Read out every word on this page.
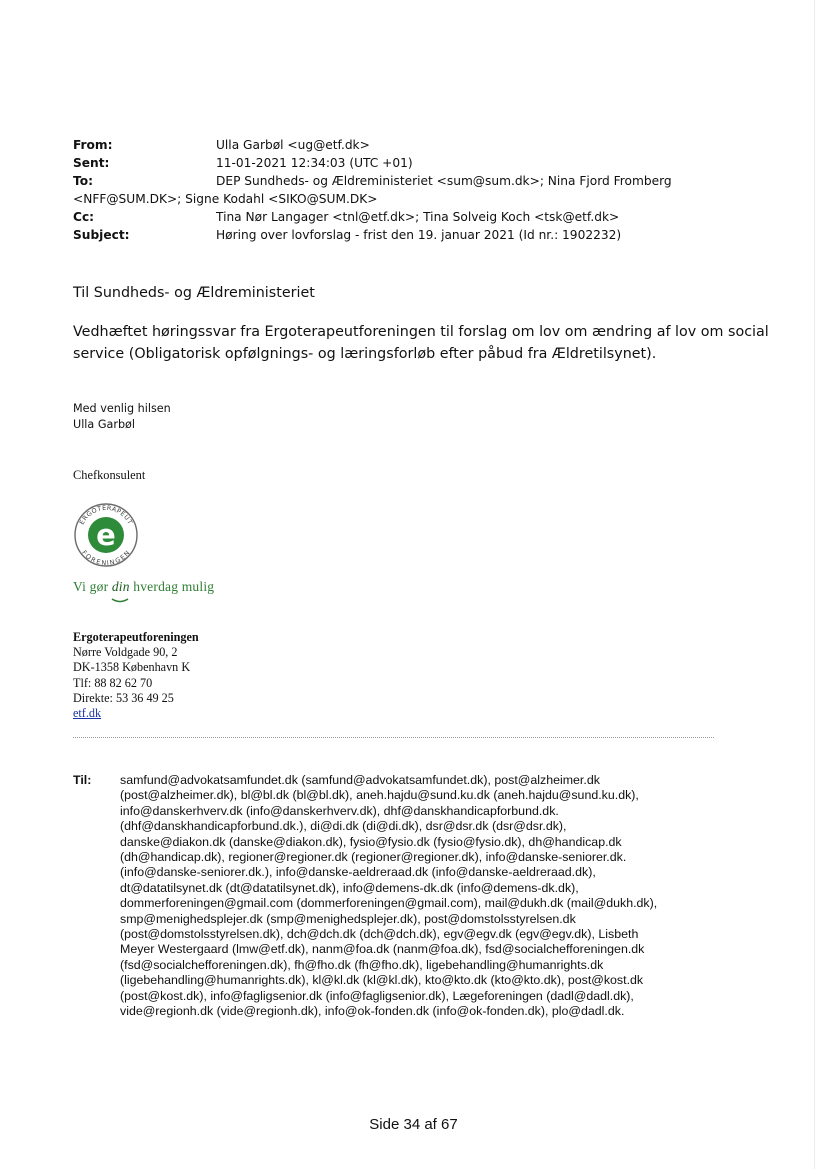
From:	Ulla Garbøl <ug@etf.dk>
Sent:	11-01-2021 12:34:03 (UTC +01)
To:	DEP Sundheds- og Ældreministeriet <sum@sum.dk>; Nina Fjord Fromberg
<NFF@SUM.DK>; Signe Kodahl <SIKO@SUM.DK>
Cc:	Tina Nør Langager <tnl@etf.dk>; Tina Solveig Koch <tsk@etf.dk>
Subject:	Høring over lovforslag - frist den 19. januar 2021 (Id nr.: 1902232)
Til Sundheds- og Ældreministeriet
Vedhæftet høringssvar fra Ergoterapeutforeningen til forslag om lov om ændring af lov om social
service (Obligatorisk opfølgnings- og læringsforløb efter påbud fra Ældretilsynet).
Med venlig hilsen
Ulla Garbøl
Chefkonsulent
ERGOTERAPEUT
FORENINGEN
e
Vi gør din hverdag mulig
Ergoterapeutforeningen
Nørre Voldgade 90, 2
DK-1358 København K
Tlf: 88 82 62 70
Direkte: 53 36 49 25
etf.dk
Til: samfund@advokatsamfundet.dk (samfund@advokatsamfundet.dk), post@alzheimer.dk
(post@alzheimer.dk), bl@bl.dk (bl@bl.dk), aneh.hajdu@sund.ku.dk (aneh.hajdu@sund.ku.dk),
info@danskerhverv.dk (info@danskerhverv.dk), dhf@danskhandicapforbund.dk.
(dhf@danskhandicapforbund.dk.), di@di.dk (di@di.dk), dsr@dsr.dk (dsr@dsr.dk),
danske@diakon.dk (danske@diakon.dk), fysio@fysio.dk (fysio@fysio.dk), dh@handicap.dk
(dh@handicap.dk), regioner@regioner.dk (regioner@regioner.dk), info@danske-seniorer.dk.
(info@danske-seniorer.dk.), info@danske-aeldreraad.dk (info@danske-aeldreraad.dk),
dt@datatilsynet.dk (dt@datatilsynet.dk), info@demens-dk.dk (info@demens-dk.dk),
dommerforeningen@gmail.com (dommerforeningen@gmail.com), mail@dukh.dk (mail@dukh.dk),
smp@menighedsplejer.dk (smp@menighedsplejer.dk), post@domstolsstyrelsen.dk
(post@domstolsstyrelsen.dk), dch@dch.dk (dch@dch.dk), egv@egv.dk (egv@egv.dk), Lisbeth
Meyer Westergaard (lmw@etf.dk), nanm@foa.dk (nanm@foa.dk), fsd@socialchefforeningen.dk
(fsd@socialchefforeningen.dk), fh@fho.dk (fh@fho.dk), ligebehandling@humanrights.dk
(ligebehandling@humanrights.dk), kl@kl.dk (kl@kl.dk), kto@kto.dk (kto@kto.dk), post@kost.dk
(post@kost.dk), info@fagligsenior.dk (info@fagligsenior.dk), Lægeforeningen (dadl@dadl.dk),
vide@regionh.dk (vide@regionh.dk), info@ok-fonden.dk (info@ok-fonden.dk), plo@dadl.dk.
Side 34 af 67
